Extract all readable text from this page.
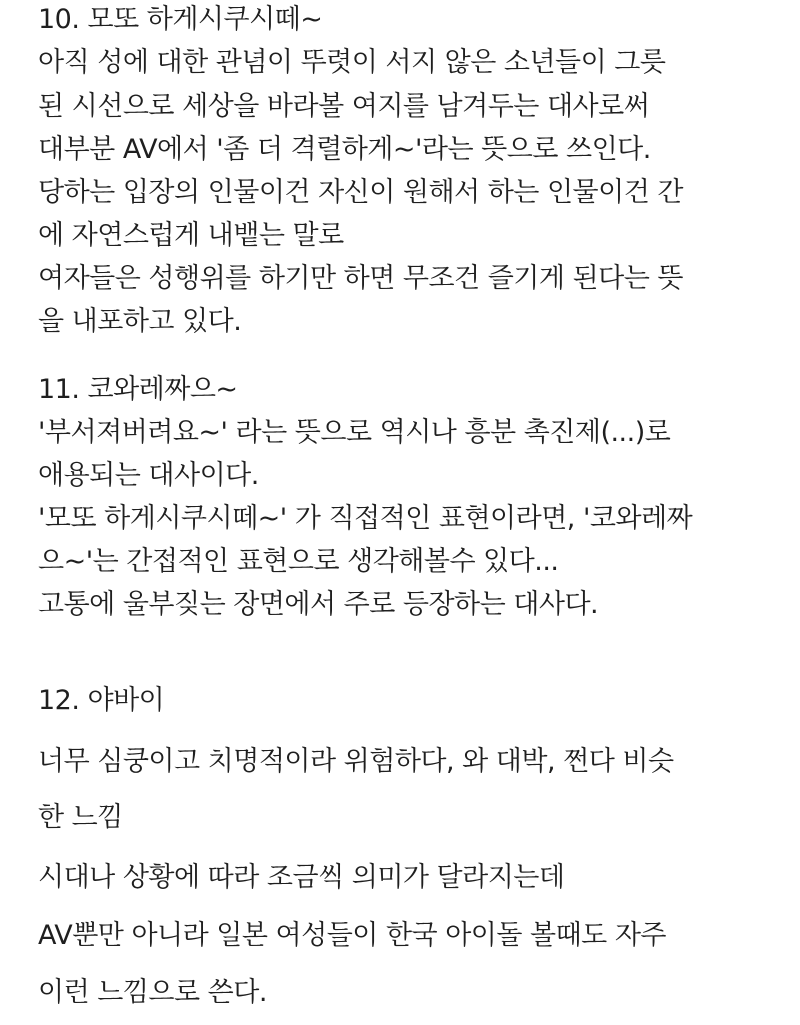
10. 모또 하게시쿠시떼~
아직 성에 대한 관념이 뚜렷이 서지 않은 소년들이 그릇
된 시선으로 세상을 바라볼 여지를 남겨두는 대사로써
대부분 AV에서 '좀 더 격렬하게~'라는 뜻으로 쓰인다.
당하는 입장의 인물이건 자신이 원해서 하는 인물이건 간
에 자연스럽게 내뱉는 말로
여자들은 성행위를 하기만 하면 무조건 즐기게 된다는 뜻
을 내포하고 있다.
11. 코와레짜으~
'부서져버려요~' 라는 뜻으로 역시나 흥분 촉진제(...)로
애용되는 대사이다.
'모또 하게시쿠시떼~' 가 직접적인 표현이라면, '코와레짜
으~'는 간접적인 표현으로 생각해볼수 있다...
고통에 울부짖는 장면에서 주로 등장하는 대사다.
12. 야바이
너무 심쿵이고 치명적이라 위험하다, 와 대박, 쩐다 비슷
한 느낌
시대나 상황에 따라 조금씩 의미가 달라지는데
AV뿐만 아니라 일본 여성들이 한국 아이돌 볼때도 자주
이런 느낌으로 쓴다.
